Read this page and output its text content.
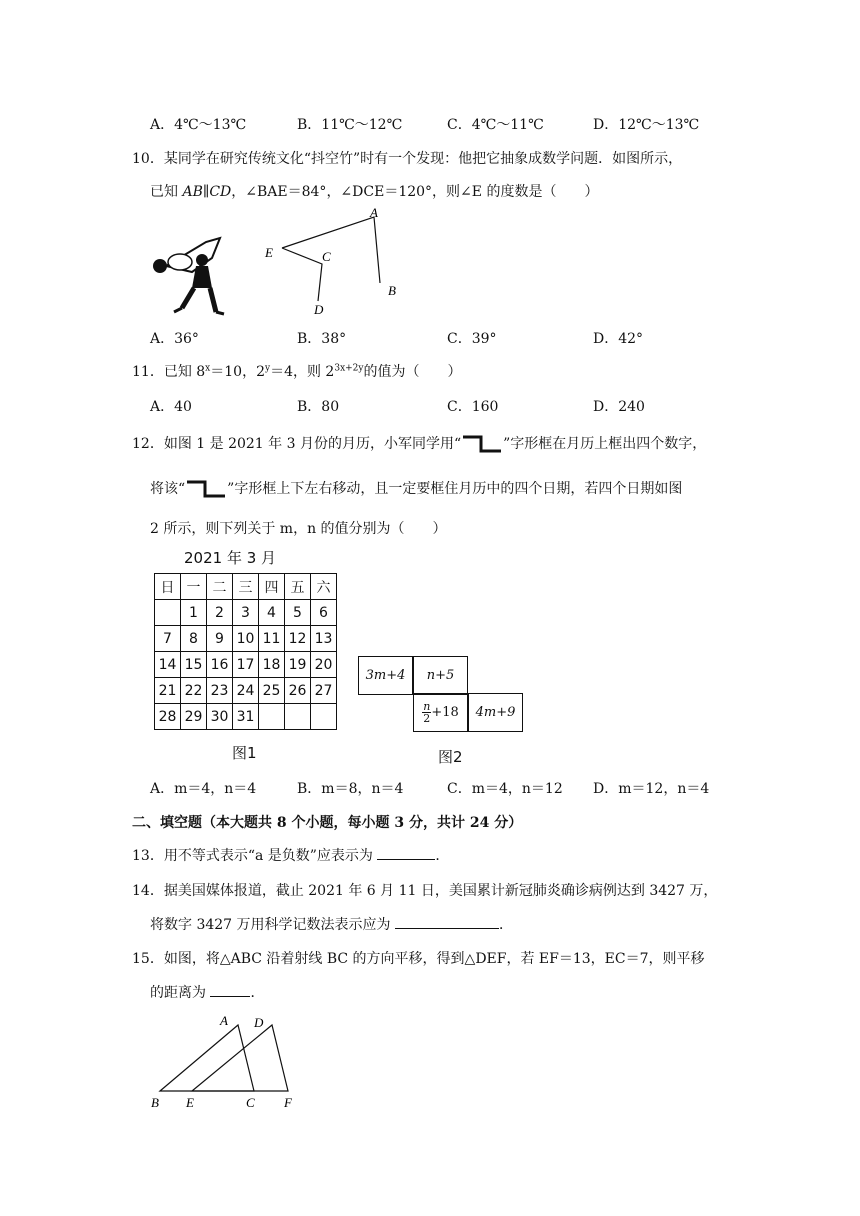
A．4℃～13℃	B．11℃～12℃	C．4℃～11℃	D．12℃～13℃
10．某同学在研究传统文化“抖空竹”时有一个发现：他把它抽象成数学问题．如图所示，
已知 AB∥CD，∠BAE＝84°，∠DCE＝120°，则∠E 的度数是（　　）
A
B
C
D
E
A．36°	B．38°	C．39°	D．42°
11．已知 $8^x=10$，$2^y=4$，则 $2^{3x+2y}$的值为（　　）
A．40	B．80	C．160	D．240
12．如图 1 是 2021 年 3 月份的月历，小军同学用“	”字形框在月历上框出四个数字，
将该“	”字形框上下左右移动，且一定要框住月历中的四个日期，若四个日期如图
2 所示，则下列关于 m，n 的值分别为（　　）
2021 年 3 月
日	一	二	三	四	五	六
	1	2	3	4	5	6
7	8	9	10	11	12	13
14	15	16	17	18	19	20
21	22	23	24	25	26	27
28	29	30	31			
图1
3m+4 n+5
$\frac{n}{2} +18$ 4m+9
图2
A．m＝4，n＝4	B．m＝8，n＝4	C．m＝4，n＝12 D．m＝12，n＝4
二、填空题（本大题共 8 个小题，每小题 3 分，共计 24 分）
13．用不等式表示“a 是负数”应表示为	．
14．据美国媒体报道，截止 2021 年 6 月 11 日，美国累计新冠肺炎确诊病例达到 3427 万，
将数字 3427 万用科学记数法表示应为	．
15．如图，将△ABC 沿着射线 BC 的方向平移，得到△DEF，若 EF＝13，EC＝7，则平移
的距离为	．
A
B	C
D
E	F
